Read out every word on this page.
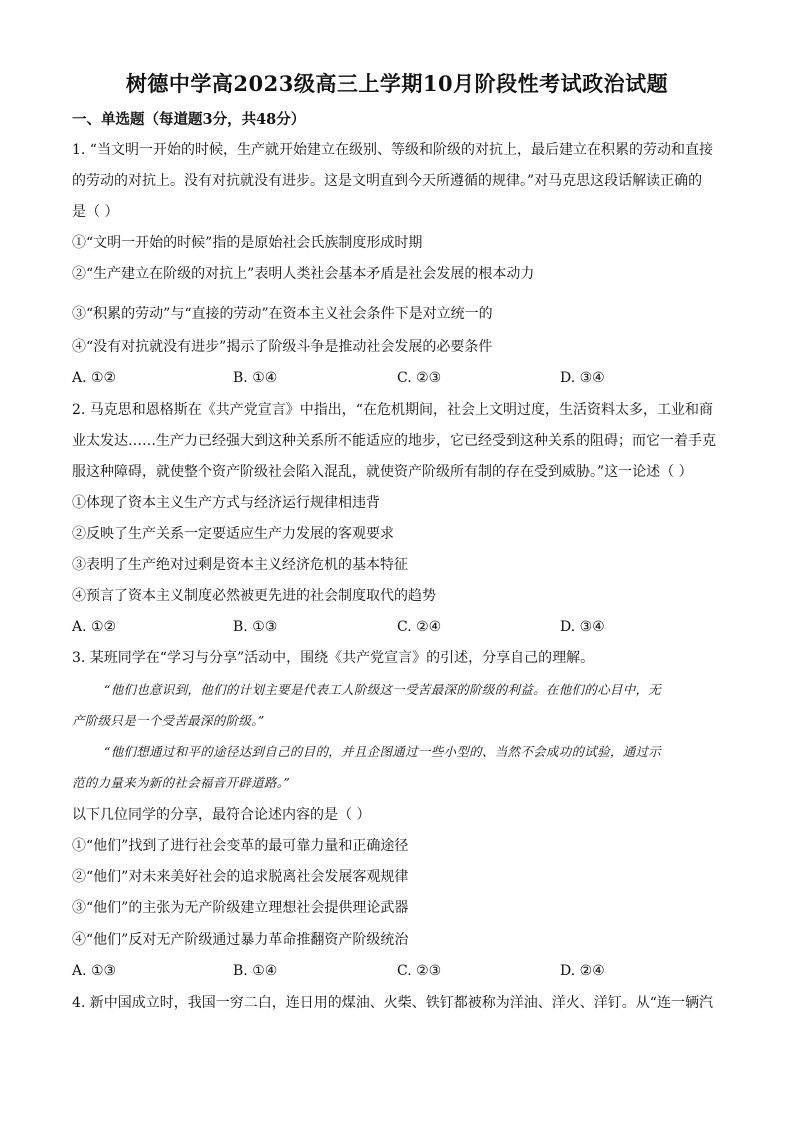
树德中学高2023级高三上学期10月阶段性考试政治试题
一、单选题（每道题3分，共48分）
1. “当文明一开始的时候，生产就开始建立在级别、等级和阶级的对抗上，最后建立在积累的劳动和直接
的劳动的对抗上。没有对抗就没有进步。这是文明直到今天所遵循的规律。”对马克思这段话解读正确的
是（ ）
①“文明一开始的时候”指的是原始社会氏族制度形成时期
②“生产建立在阶级的对抗上”表明人类社会基本矛盾是社会发展的根本动力
③“积累的劳动”与“直接的劳动”在资本主义社会条件下是对立统一的
④“没有对抗就没有进步”揭示了阶级斗争是推动社会发展的必要条件
A. ①②	B. ①④	C. ②③	D. ③④
2. 马克思和恩格斯在《共产党宣言》中指出，“在危机期间，社会上文明过度，生活资料太多，工业和商
业太发达……生产力已经强大到这种关系所不能适应的地步，它已经受到这种关系的阻碍；而它一着手克
服这种障碍，就使整个资产阶级社会陷入混乱，就使资产阶级所有制的存在受到威胁。”这一论述（ ）
①体现了资本主义生产方式与经济运行规律相违背
②反映了生产关系一定要适应生产力发展的客观要求
③表明了生产绝对过剩是资本主义经济危机的基本特征
④预言了资本主义制度必然被更先进的社会制度取代的趋势
A. ①②	B. ①③	C. ②④	D. ③④
3. 某班同学在“学习与分享”活动中，围绕《共产党宣言》的引述，分享自己的理解。
“他们也意识到，他们的计划主要是代表工人阶级这一受苦最深的阶级的利益。在他们的心目中，无
产阶级只是一个受苦最深的阶级。”
“他们想通过和平的途径达到自己的目的，并且企图通过一些小型的、当然不会成功的试验，通过示
范的力量来为新的社会福音开辟道路。”
以下几位同学的分享，最符合论述内容的是（ ）
①“他们”找到了进行社会变革的最可靠力量和正确途径
②“他们”对未来美好社会的追求脱离社会发展客观规律
③“他们”的主张为无产阶级建立理想社会提供理论武器
④“他们”反对无产阶级通过暴力革命推翻资产阶级统治
A. ①③	B. ①④	C. ②③	D. ②④
4. 新中国成立时，我国一穷二白，连日用的煤油、火柴、铁钉都被称为洋油、洋火、洋钉。从“连一辆汽
